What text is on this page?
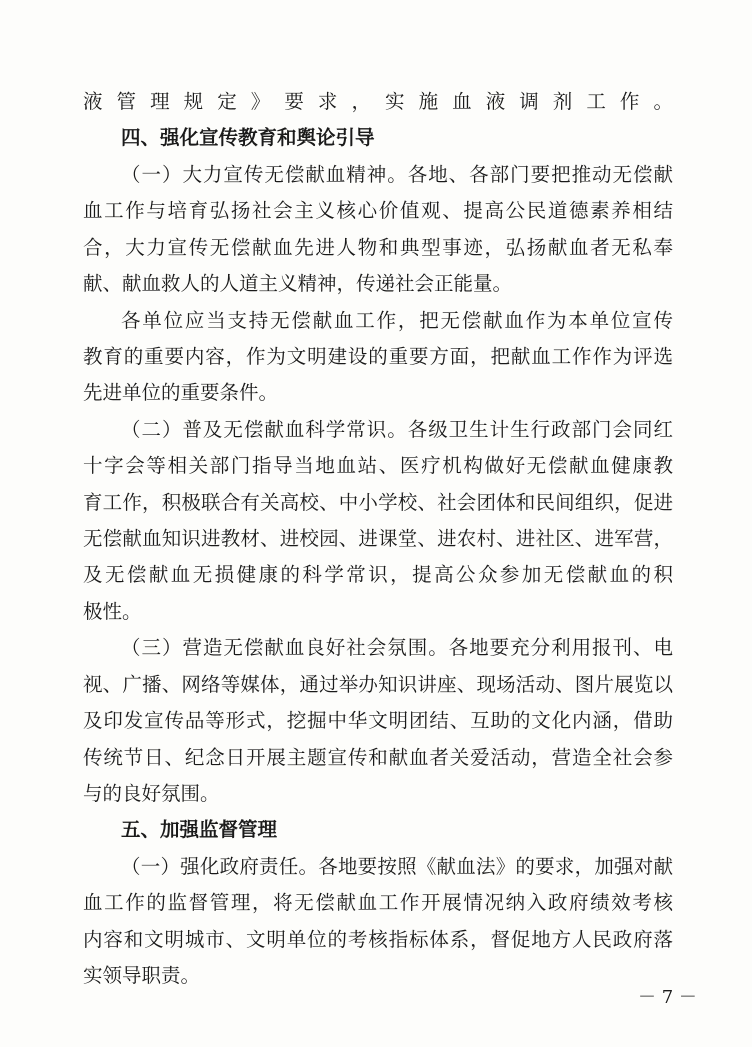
液管理规定》要求，实施血液调剂工作。
四、强化宣传教育和舆论引导
（一）大力宣传无偿献血精神。各地、各部门要把推动无偿献
血工作与培育弘扬社会主义核心价值观、提高公民道德素养相结
合，大力宣传无偿献血先进人物和典型事迹，弘扬献血者无私奉
献、献血救人的人道主义精神，传递社会正能量。
各单位应当支持无偿献血工作，把无偿献血作为本单位宣传
教育的重要内容，作为文明建设的重要方面，把献血工作作为评选
先进单位的重要条件。
（二）普及无偿献血科学常识。各级卫生计生行政部门会同红
十字会等相关部门指导当地血站、医疗机构做好无偿献血健康教
育工作，积极联合有关高校、中小学校、社会团体和民间组织，促进
无偿献血知识进教材、进校园、进课堂、进农村、进社区、进军营，
及无偿献血无损健康的科学常识，提高公众参加无偿献血的积
极性。
（三）营造无偿献血良好社会氛围。各地要充分利用报刊、电
视、广播、网络等媒体，通过举办知识讲座、现场活动、图片展览以
及印发宣传品等形式，挖掘中华文明团结、互助的文化内涵，借助
传统节日、纪念日开展主题宣传和献血者关爱活动，营造全社会参
与的良好氛围。
五、加强监督管理
（一）强化政府责任。各地要按照《献血法》的要求，加强对献
血工作的监督管理，将无偿献血工作开展情况纳入政府绩效考核
内容和文明城市、文明单位的考核指标体系，督促地方人民政府落
实领导职责。
－ 7 －
